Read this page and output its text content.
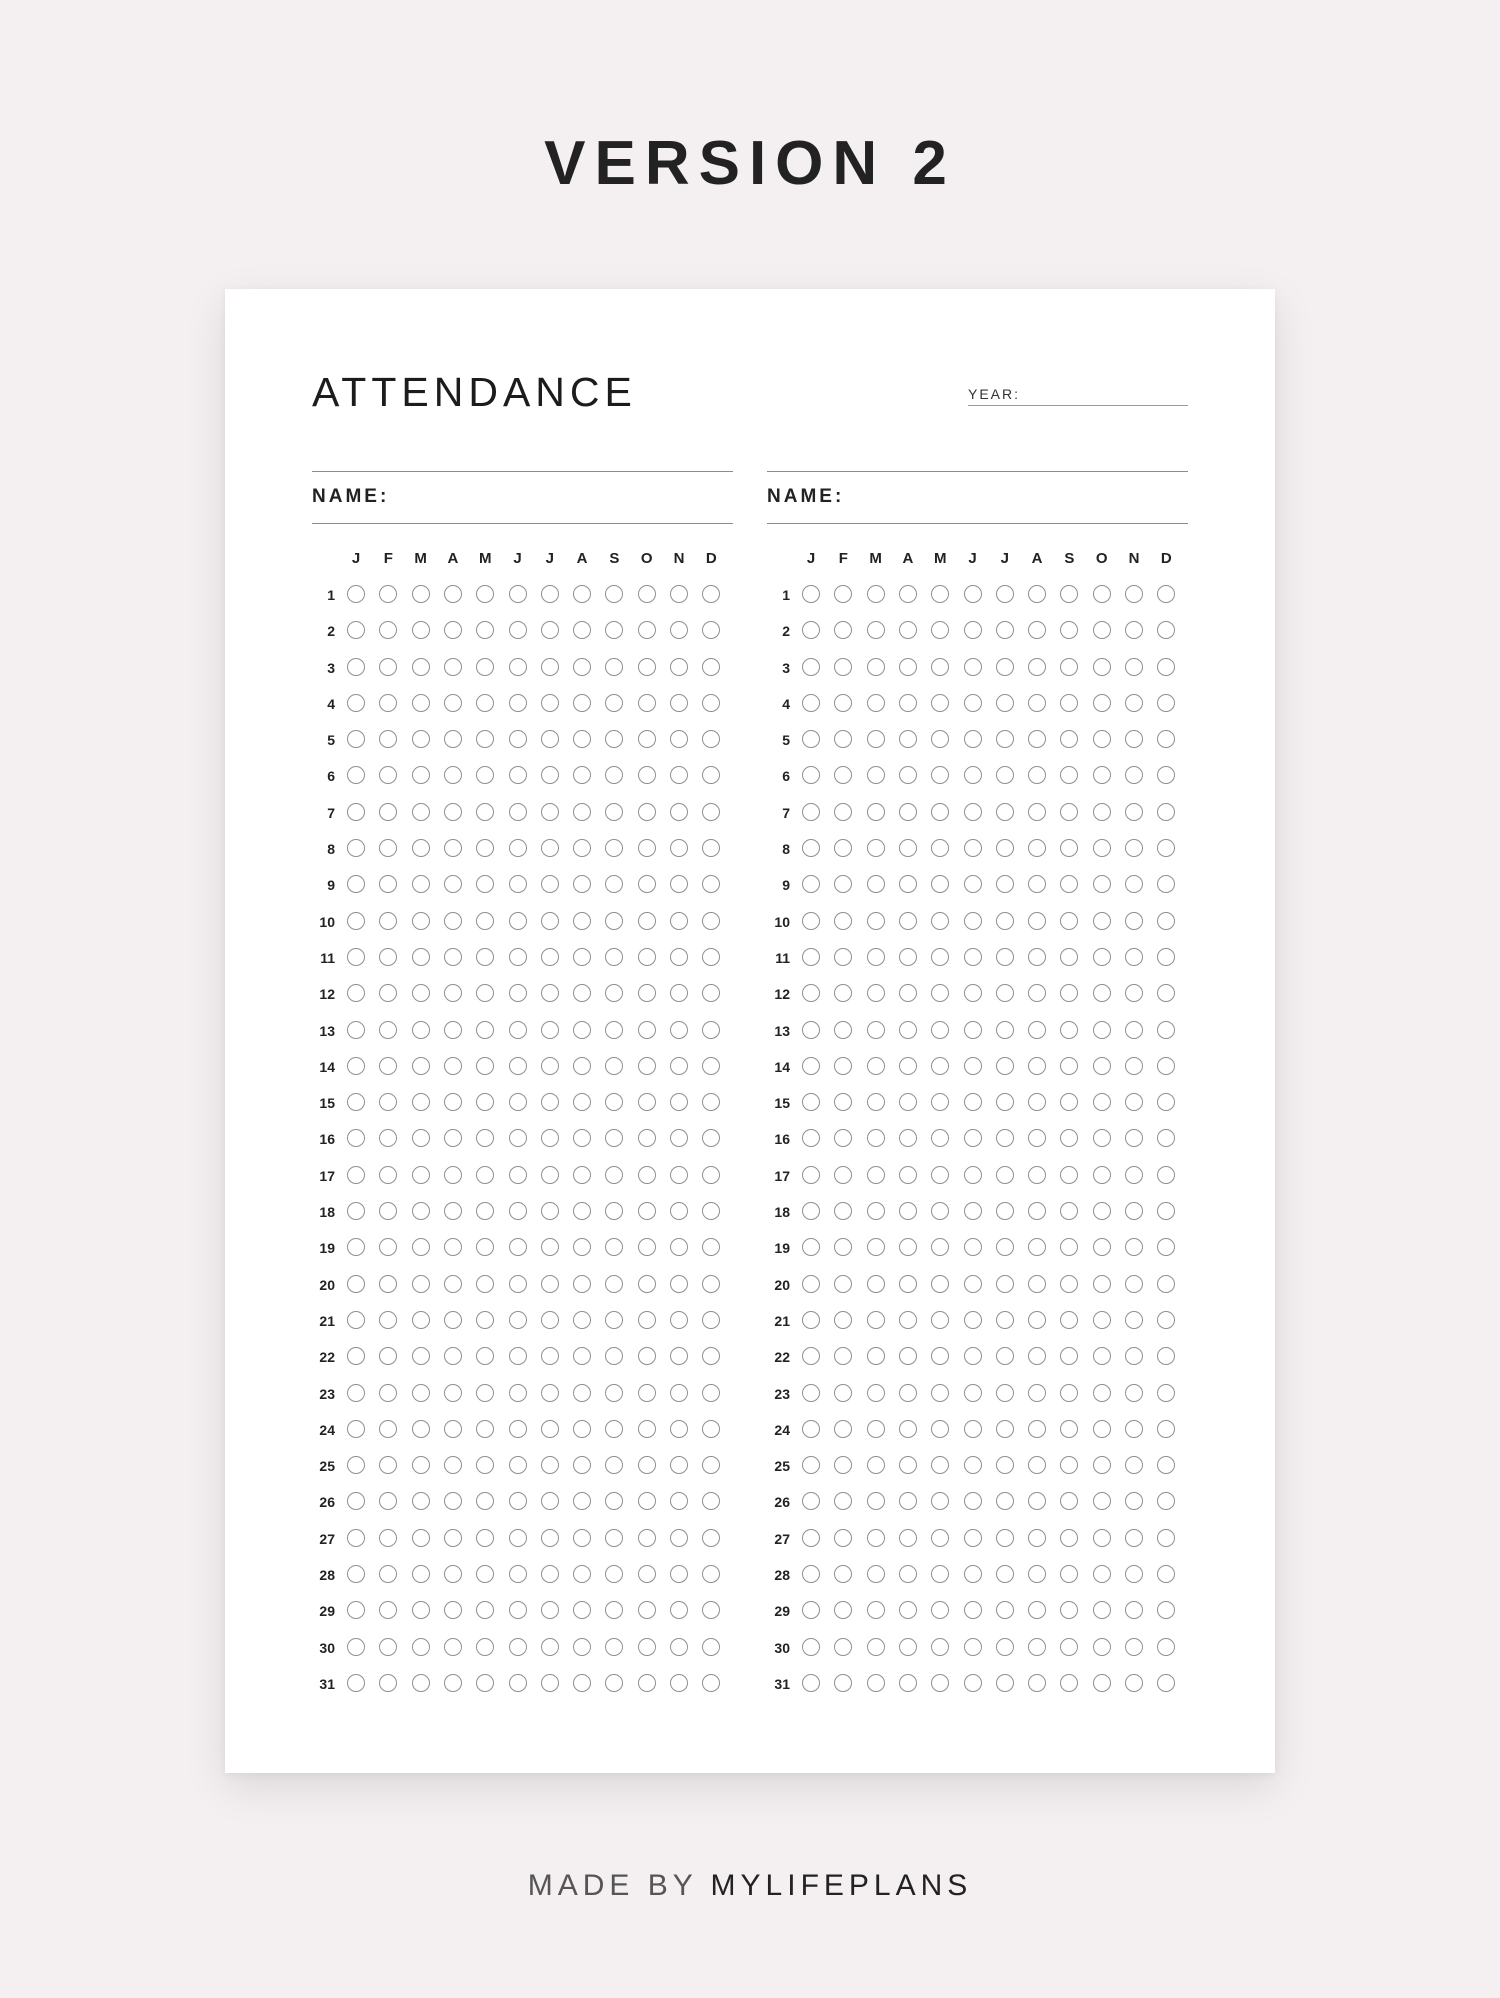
VERSION 2
ATTENDANCE	YEAR:
NAME:
J	F	M	A	M	J	J	A	S	O	N	D
1
2
3
4
5
6
7
8
9
10
11
12
13
14
15
16
17
18
19
20
21
22
23
24
25
26
27
28
29
30
31
NAME:
J	F	M	A	M	J	J	A	S	O	N	D
1
2
3
4
5
6
7
8
9
10
11
12
13
14
15
16
17
18
19
20
21
22
23
24
25
26
27
28
29
30
31
MADE BY MYLIFEPLANS
